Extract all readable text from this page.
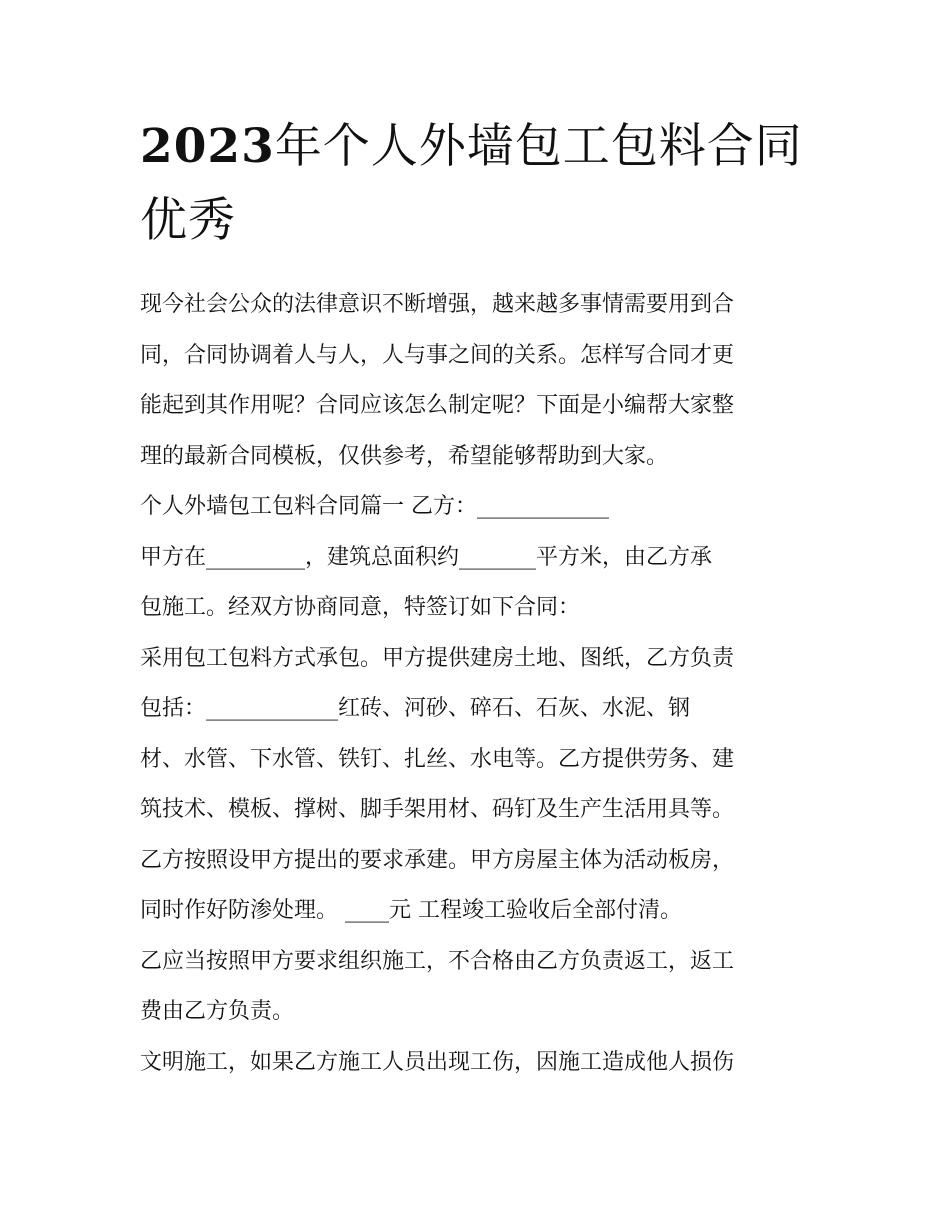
2023年个人外墙包工包料合同
优秀
现今社会公众的法律意识不断增强，越来越多事情需要用到合
同，合同协调着人与人，人与事之间的关系。怎样写合同才更
能起到其作用呢？合同应该怎么制定呢？下面是小编帮大家整
理的最新合同模板，仅供参考，希望能够帮助到大家。
个人外墙包工包料合同篇一 乙方：____________
甲方在_________，建筑总面积约_______平方米，由乙方承
包施工。经双方协商同意，特签订如下合同：
采用包工包料方式承包。甲方提供建房土地、图纸，乙方负责
包括：____________红砖、河砂、碎石、石灰、水泥、钢
材、水管、下水管、铁钉、扎丝、水电等。乙方提供劳务、建
筑技术、模板、撑树、脚手架用材、码钉及生产生活用具等。
乙方按照设甲方提出的要求承建。甲方房屋主体为活动板房，
同时作好防渗处理。 ____元 工程竣工验收后全部付清。
乙应当按照甲方要求组织施工，不合格由乙方负责返工，返工
费由乙方负责。
文明施工，如果乙方施工人员出现工伤，因施工造成他人损伤
